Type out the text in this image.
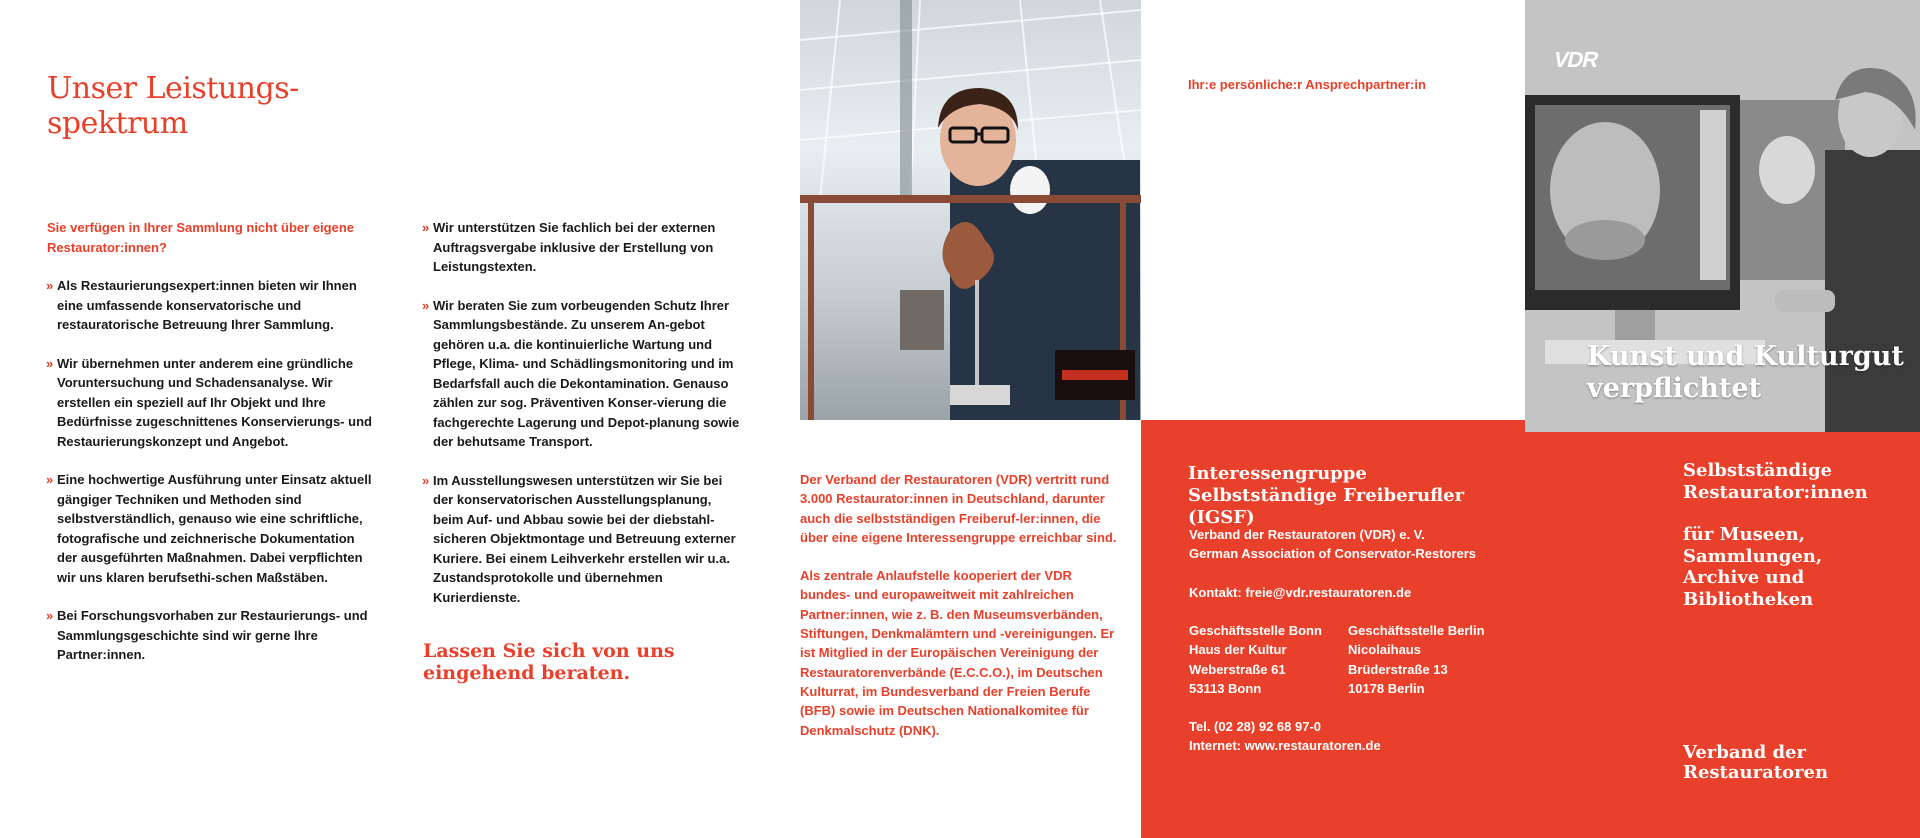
Unser Leistungs-
spektrum

Sie verfügen in Ihrer Sammlung nicht über eigene Restaurator:innen?

» Als Restaurierungsexpert:innen bieten wir Ihnen eine umfassende konservatorische und restauratorische Betreuung Ihrer Sammlung.
» Wir übernehmen unter anderem eine gründliche Voruntersuchung und Schadensanalyse. Wir erstellen ein speziell auf Ihr Objekt und Ihre Bedürfnisse zugeschnittenes Konservierungs- und Restaurierungskonzept und Angebot.
» Eine hochwertige Ausführung unter Einsatz aktuell gängiger Techniken und Methoden sind selbstverständlich, genauso wie eine schriftliche, fotografische und zeichnerische Dokumentation der ausgeführten Maßnahmen. Dabei verpflichten wir uns klaren berufsethi-schen Maßstäben.
» Bei Forschungsvorhaben zur Restaurierungs- und Sammlungsgeschichte sind wir gerne Ihre Partner:innen.
» Wir unterstützen Sie fachlich bei der externen Auftragsvergabe inklusive der Erstellung von Leistungstexten.
» Wir beraten Sie zum vorbeugenden Schutz Ihrer Sammlungsbestände. Zu unserem An-gebot gehören u.a. die kontinuierliche Wartung und Pflege, Klima- und Schädlingsmonitoring und im Bedarfsfall auch die Dekontamination. Genauso zählen zur sog. Präventiven Konser-vierung die fachgerechte Lagerung und Depot-planung sowie der behutsame Transport.
» Im Ausstellungswesen unterstützen wir Sie bei der konservatorischen Ausstellungsplanung, beim Auf- und Abbau sowie bei der diebstahl-sicheren Objektmontage und Betreuung externer Kuriere. Bei einem Leihverkehr erstellen wir u.a. Zustandsprotokolle und übernehmen Kurierdienste.
Lassen Sie sich von uns
eingehend beraten.

Der Verband der Restauratoren (VDR) vertritt rund 3.000 Restaurator:innen in Deutschland, darunter auch die selbstständigen Freiberuf-ler:innen, die über eine eigene Interessengruppe erreichbar sind.

Als zentrale Anlaufstelle kooperiert der VDR bundes- und europaweitweit mit zahlreichen Partner:innen, wie z. B. den Museumsverbänden, Stiftungen, Denkmalämtern und -vereinigungen. Er ist Mitglied in der Europäischen Vereinigung der Restauratorenverbände (E.C.C.O.), im Deutschen Kulturrat, im Bundesverband der Freien Berufe (BFB) sowie im Deutschen Nationalkomitee für Denkmalschutz (DNK).

Ihr:e persönliche:r Ansprechpartner:in

Interessengruppe
Selbstständige Freiberufler (IGSF)
Verband der Restauratoren (VDR) e. V.
German Association of Conservator-Restorers
Kontakt: freie@vdr.restauratoren.de
Geschäftsstelle Bonn
Haus der Kultur
Weberstraße 61
53113 Bonn
Geschäftsstelle Berlin
Nicolaihaus
Brüderstraße 13
10178 Berlin
Tel. (02 28) 92 68 97-0
Internet: www.restauratoren.de
VDR
Kunst und Kulturgut
verpflichtet
Selbstständige
Restaurator:innen
für Museen,
Sammlungen,
Archive und
Bibliotheken
Verband der
Restauratoren
